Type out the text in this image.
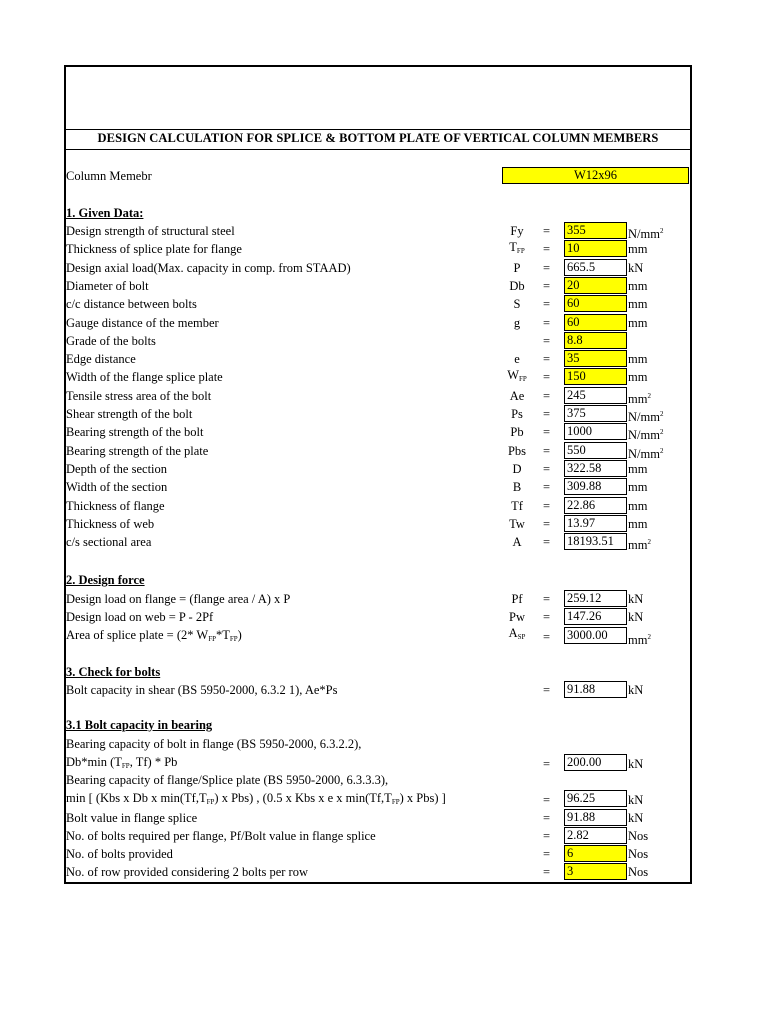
DESIGN CALCULATION FOR SPLICE & BOTTOM PLATE OF VERTICAL COLUMN MEMBERS
Column Memebr	W12x96
1. Given Data:
Design strength of structural steel	Fy	= 355	$N/mm^2$
Thickness of splice plate for flange	$T_{FP}$	= 10	mm
Design axial load(Max. capacity in comp. from STAAD)	P	= 665.5	kN
Diameter of bolt	Db	= 20	mm
c/c distance between bolts	S	= 60	mm
Gauge distance of the member	g	= 60	mm
Grade of the bolts	= 8.8
Edge distance	e	= 35	mm
Width of the flange splice plate	$W_{FP}$	= 150	mm
Tensile stress area of the bolt	Ae	= 245	$mm^2$
Shear strength of the bolt	Ps	= 375	$N/mm^2$
Bearing strength of the bolt	Pb	= 1000	$N/mm^2$
Bearing strength of the plate	Pbs	= 550	$N/mm^2$
Depth of the section	D	= 322.58	mm
Width of the section	B	= 309.88	mm
Thickness of flange	Tf	= 22.86	mm
Thickness of web	Tw	= 13.97	mm
c/s sectional area	A	= 18193.51	$mm^2$
2. Design force
Design load on flange = (flange area / A) x P	Pf	= 259.12	kN
Design load on web = P - 2Pf	Pw	= 147.26	kN
Area of splice plate = (2* $W_{FP}*T_{FP}$)	$A_{SP}$	= 3000.00	$mm^2$
3. Check for bolts
Bolt capacity in shear (BS 5950-2000, 6.3.2 1), Ae*Ps	= 91.88	kN
3.1 Bolt capacity in bearing
Bearing capacity of bolt in flange (BS 5950-2000, 6.3.2.2),
Db*min ($T_{FP}$, Tf) * Pb	= 200.00	kN
Bearing capacity of flange/Splice plate (BS 5950-2000, 6.3.3.3),
min [ (Kbs x Db x $\min(Tf,T_{FP})$ x Pbs) , (0.5 x Kbs x e x $\min(Tf,T_{FP})$ x Pbs) ]	= 96.25	kN
Bolt value in flange splice	= 91.88	kN
No. of bolts required per flange, Pf/Bolt value in flange splice	= 2.82	Nos
No. of bolts provided	= 6	Nos
No. of row provided considering 2 bolts per row	= 3	Nos
